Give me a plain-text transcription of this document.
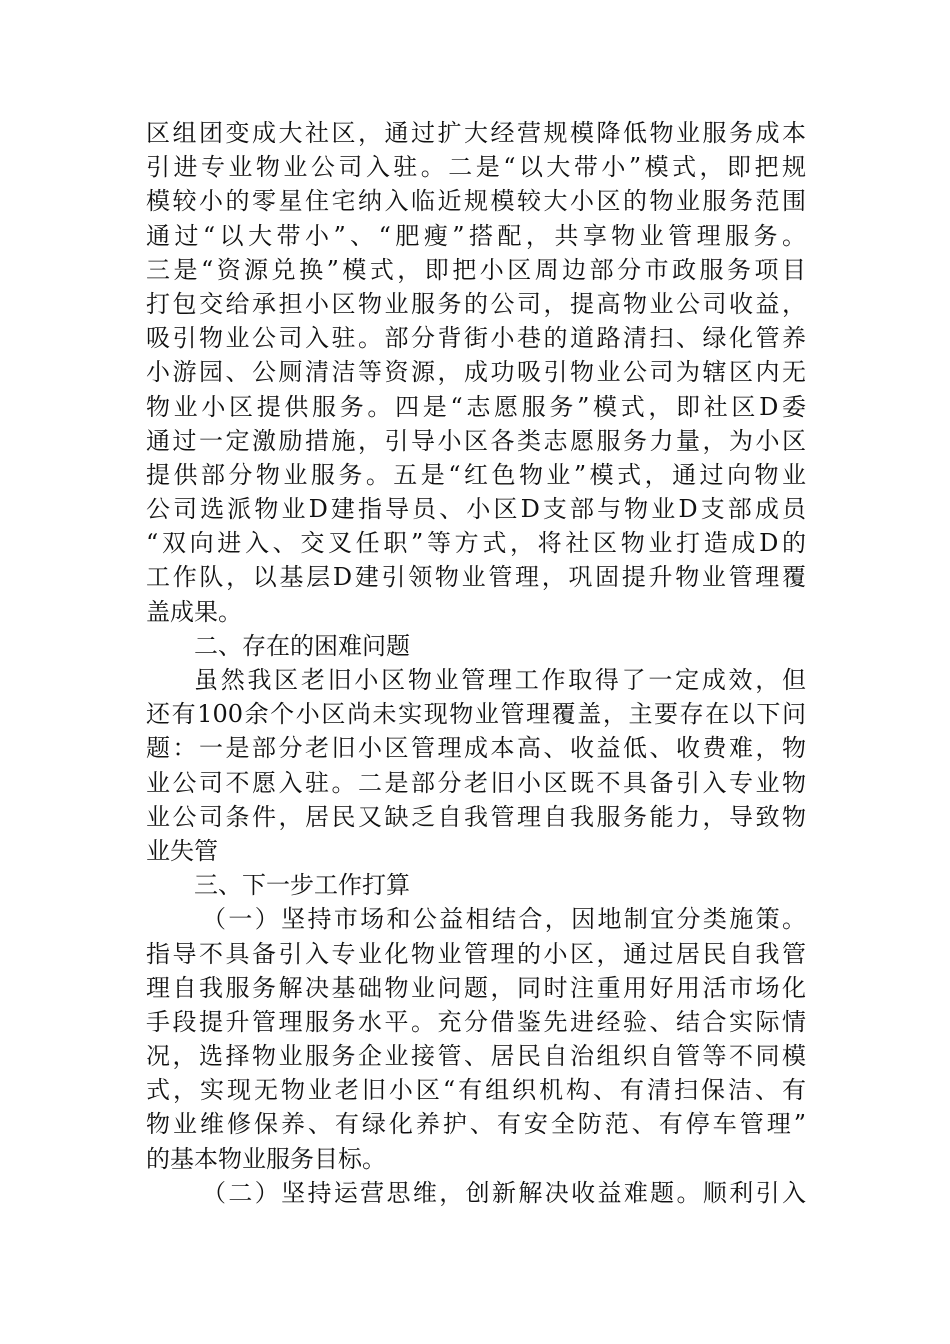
区组团变成大社区，通过扩大经营规模降低物业服务成本
引进专业物业公司入驻。二是“以大带小”模式，即把规
模较小的零星住宅纳入临近规模较大小区的物业服务范围
通过“以大带小”、“肥瘦”搭配，共享物业管理服务。
三是“资源兑换”模式，即把小区周边部分市政服务项目
打包交给承担小区物业服务的公司，提高物业公司收益，
吸引物业公司入驻。部分背街小巷的道路清扫、绿化管养
小游园、公厕清洁等资源，成功吸引物业公司为辖区内无
物业小区提供服务。四是“志愿服务”模式，即社区D委
通过一定激励措施，引导小区各类志愿服务力量，为小区
提供部分物业服务。五是“红色物业”模式，通过向物业
公司选派物业D建指导员、小区D支部与物业D支部成员
“双向进入、交叉任职”等方式，将社区物业打造成D的
工作队，以基层D建引领物业管理，巩固提升物业管理覆
盖成果。
二、存在的困难问题
虽然我区老旧小区物业管理工作取得了一定成效，但
还有100余个小区尚未实现物业管理覆盖，主要存在以下问
题：一是部分老旧小区管理成本高、收益低、收费难，物
业公司不愿入驻。二是部分老旧小区既不具备引入专业物
业公司条件，居民又缺乏自我管理自我服务能力，导致物
业失管
三、下一步工作打算
（一）坚持市场和公益相结合，因地制宜分类施策。
指导不具备引入专业化物业管理的小区，通过居民自我管
理自我服务解决基础物业问题，同时注重用好用活市场化
手段提升管理服务水平。充分借鉴先进经验、结合实际情
况，选择物业服务企业接管、居民自治组织自管等不同模
式，实现无物业老旧小区“有组织机构、有清扫保洁、有
物业维修保养、有绿化养护、有安全防范、有停车管理”
的基本物业服务目标。
（二）坚持运营思维，创新解决收益难题。顺利引入
